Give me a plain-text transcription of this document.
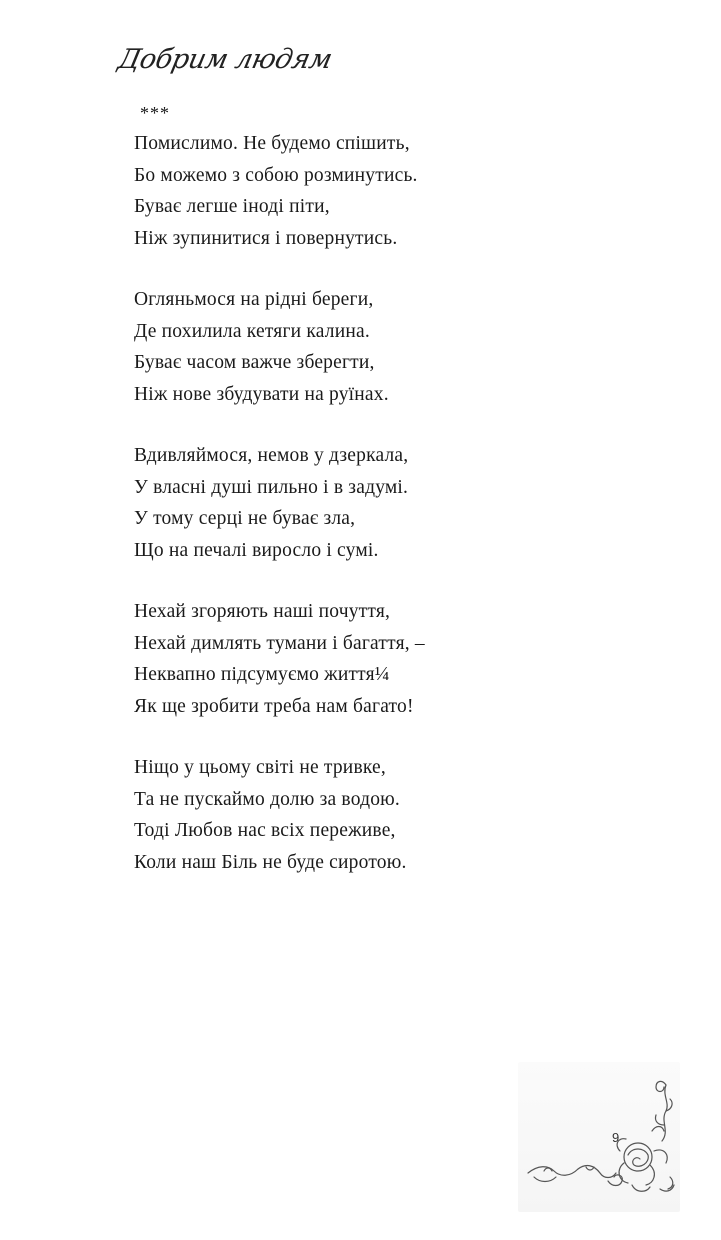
Добрим людям
***
Помислимо. Не будемо спішить,
Бо можемо з собою розминутись.
Буває легше іноді піти,
Ніж зупинитися і повернутись.
Огляньмося на рідні береги,
Де похилила кетяги калина.
Буває часом важче зберегти,
Ніж нове збудувати на руїнах.
Вдивляймося, немов у дзеркала,
У власні душі пильно і в задумі.
У тому серці не буває зла,
Що на печалі виросло і сумі.
Нехай згоряють наші почуття,
Нехай димлять тумани і багаття, –
Неквапно підсумуємо життя¼
Як ще зробити треба нам багато!
Ніщо у цьому світі не тривке,
Та не пускаймо долю за водою.
Тоді Любов нас всіх переживе,
Коли наш Біль не буде сиротою.
9
